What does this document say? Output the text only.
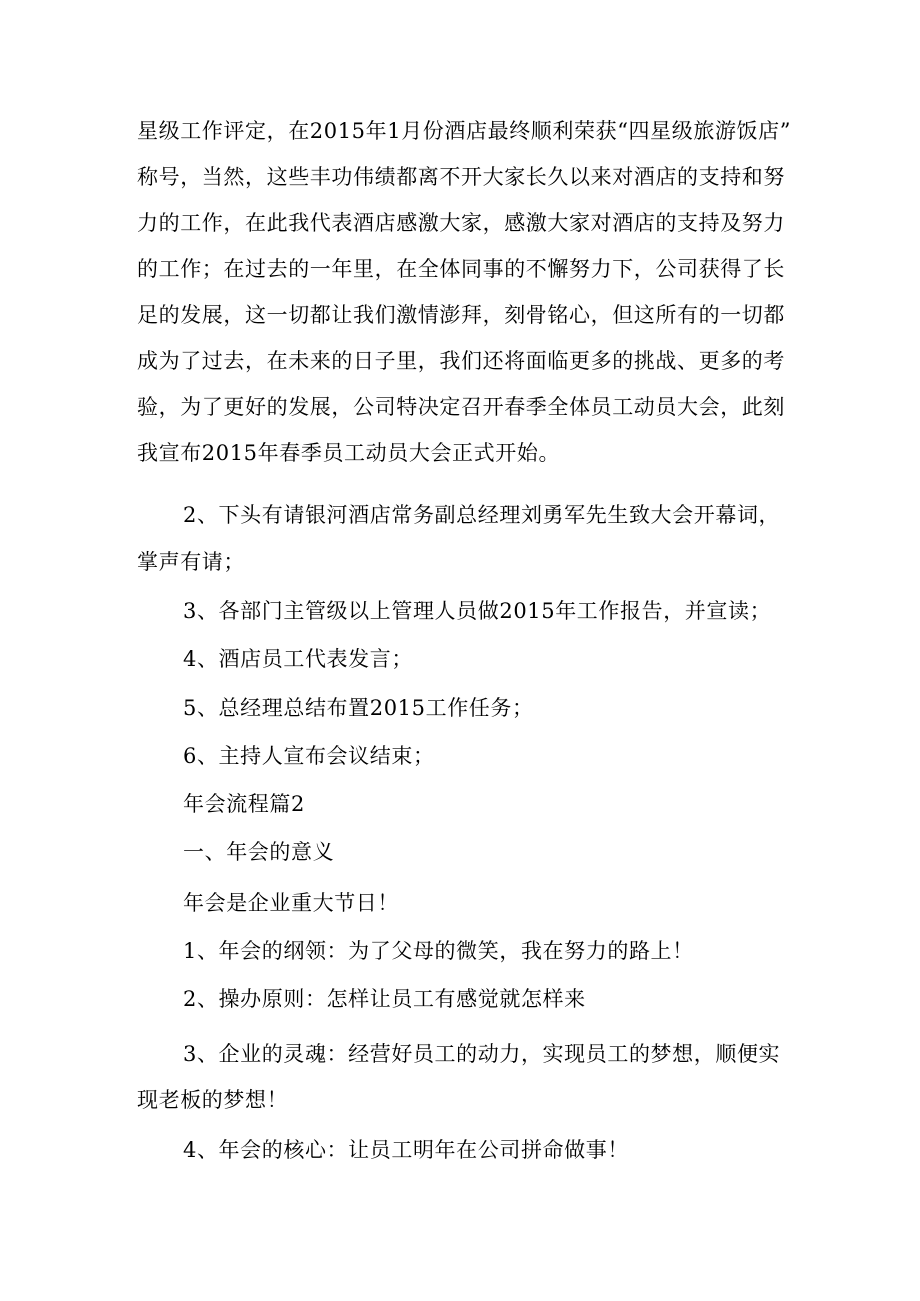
星级工作评定，在2015年1月份酒店最终顺利荣获“四星级旅游饭店”
称号，当然，这些丰功伟绩都离不开大家长久以来对酒店的支持和努
力的工作，在此我代表酒店感激大家，感激大家对酒店的支持及努力
的工作；在过去的一年里，在全体同事的不懈努力下，公司获得了长
足的发展，这一切都让我们激情澎拜，刻骨铭心，但这所有的一切都
成为了过去，在未来的日子里，我们还将面临更多的挑战、更多的考
验，为了更好的发展，公司特决定召开春季全体员工动员大会，此刻
我宣布2015年春季员工动员大会正式开始。
2、下头有请银河酒店常务副总经理刘勇军先生致大会开幕词，
掌声有请；
3、各部门主管级以上管理人员做2015年工作报告，并宣读；
4、酒店员工代表发言；
5、总经理总结布置2015工作任务；
6、主持人宣布会议结束；
年会流程篇2
一、年会的意义
年会是企业重大节日！
1、年会的纲领：为了父母的微笑，我在努力的路上！
2、操办原则：怎样让员工有感觉就怎样来
3、企业的灵魂：经营好员工的动力，实现员工的梦想，顺便实
现老板的梦想！
4、年会的核心：让员工明年在公司拼命做事！
